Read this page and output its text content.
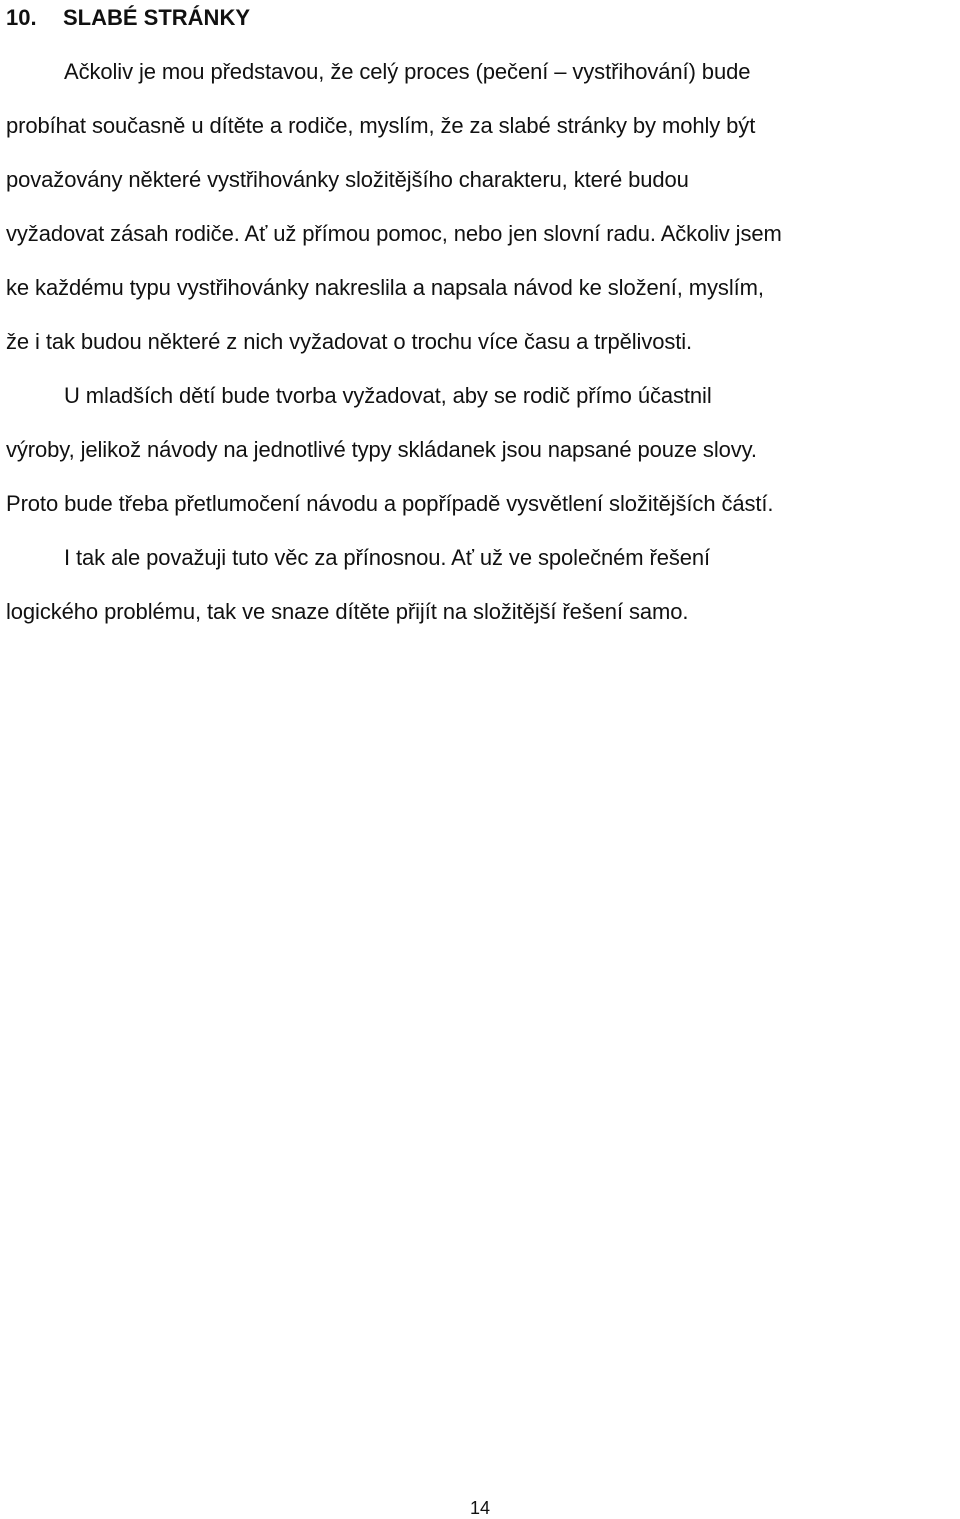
10. SLABÉ STRÁNKY

Ačkoliv je mou představou, že celý proces (pečení – vystřihování) bude

probíhat současně u dítěte a rodiče, myslím, že za slabé stránky by mohly být

považovány některé vystřihovánky složitějšího charakteru, které budou

vyžadovat zásah rodiče. Ať už přímou pomoc, nebo jen slovní radu. Ačkoliv jsem

ke každému typu vystřihovánky nakreslila a napsala návod ke složení, myslím,

že i tak budou některé z nich vyžadovat o trochu více času a trpělivosti.

U mladších dětí bude tvorba vyžadovat, aby se rodič přímo účastnil

výroby, jelikož návody na jednotlivé typy skládanek jsou napsané pouze slovy.

Proto bude třeba přetlumočení návodu a popřípadě vysvětlení složitějších částí.

I tak ale považuji tuto věc za přínosnou. Ať už ve společném řešení

logického problému, tak ve snaze dítěte přijít na složitější řešení samo.

14
